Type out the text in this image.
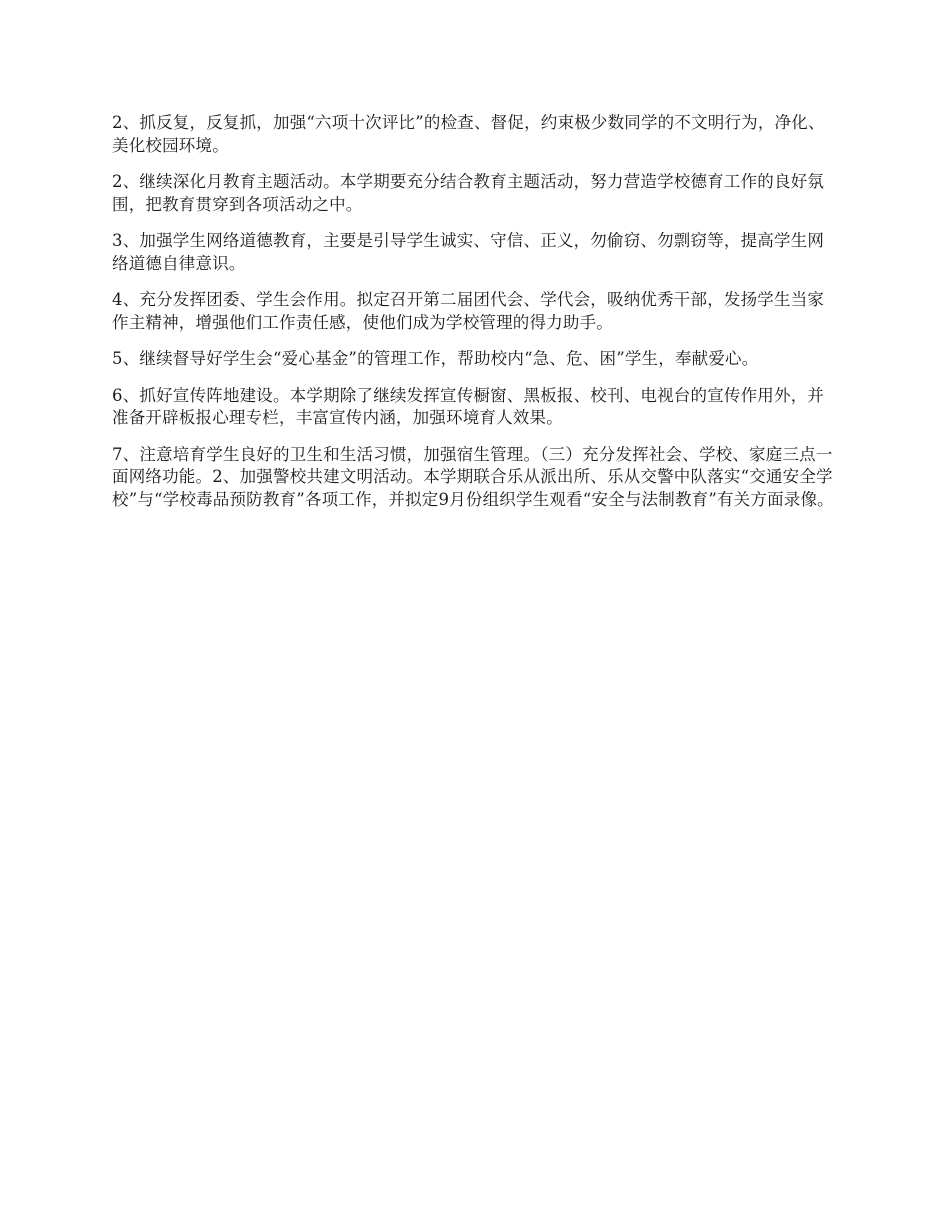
2、抓反复，反复抓，加强“六项十次评比”的检查、督促，约束极少数同学的不文明行为，净化、美化校园环境。

2、继续深化月教育主题活动。本学期要充分结合教育主题活动，努力营造学校德育工作的良好氛围，把教育贯穿到各项活动之中。

3、加强学生网络道德教育，主要是引导学生诚实、守信、正义，勿偷窃、勿剽窃等，提高学生网络道德自律意识。

4、充分发挥团委、学生会作用。拟定召开第二届团代会、学代会，吸纳优秀干部，发扬学生当家作主精神，增强他们工作责任感，使他们成为学校管理的得力助手。

5、继续督导好学生会“爱心基金”的管理工作，帮助校内“急、危、困”学生，奉献爱心。

6、抓好宣传阵地建设。本学期除了继续发挥宣传橱窗、黑板报、校刊、电视台的宣传作用外，并准备开辟板报心理专栏，丰富宣传内涵，加强环境育人效果。

7、注意培育学生良好的卫生和生活习惯，加强宿生管理。（三）充分发挥社会、学校、家庭三点一面网络功能。2、加强警校共建文明活动。本学期联合乐从派出所、乐从交警中队落实“交通安全学校”与“学校毒品预防教育”各项工作，并拟定9月份组织学生观看“安全与法制教育”有关方面录像。
